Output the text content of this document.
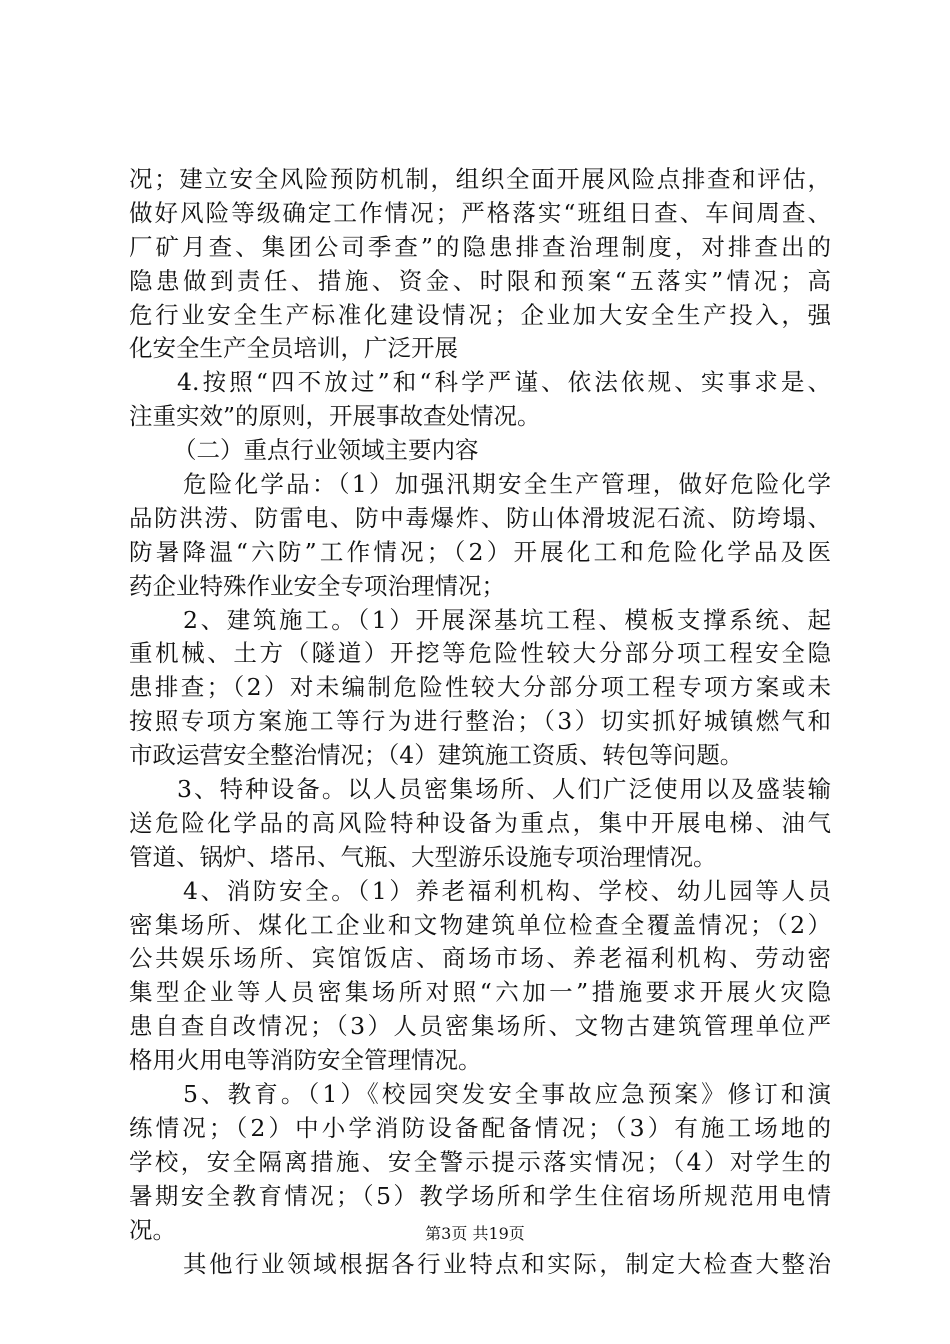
况；建立安全风险预防机制，组织全面开展风险点排查和评估，
做好风险等级确定工作情况；严格落实“班组日查、车间周查、
厂矿月查、集团公司季查”的隐患排查治理制度，对排查出的
隐患做到责任、措施、资金、时限和预案“五落实”情况；高
危行业安全生产标准化建设情况；企业加大安全生产投入，强
化安全生产全员培训，广泛开展
4.按照“四不放过”和“科学严谨、依法依规、实事求是、
注重实效”的原则，开展事故查处情况。
（二）重点行业领域主要内容
危险化学品：（1）加强汛期安全生产管理，做好危险化学
品防洪涝、防雷电、防中毒爆炸、防山体滑坡泥石流、防垮塌、
防暑降温“六防”工作情况；（2）开展化工和危险化学品及医
药企业特殊作业安全专项治理情况；
2、建筑施工。（1）开展深基坑工程、模板支撑系统、起
重机械、土方（隧道）开挖等危险性较大分部分项工程安全隐
患排查；（2）对未编制危险性较大分部分项工程专项方案或未
按照专项方案施工等行为进行整治；（3）切实抓好城镇燃气和
市政运营安全整治情况；（4）建筑施工资质、转包等问题。
3、特种设备。以人员密集场所、人们广泛使用以及盛装输
送危险化学品的高风险特种设备为重点，集中开展电梯、油气
管道、锅炉、塔吊、气瓶、大型游乐设施专项治理情况。
4、消防安全。（1）养老福利机构、学校、幼儿园等人员
密集场所、煤化工企业和文物建筑单位检查全覆盖情况；（2）
公共娱乐场所、宾馆饭店、商场市场、养老福利机构、劳动密
集型企业等人员密集场所对照“六加一”措施要求开展火灾隐
患自查自改情况；（3）人员密集场所、文物古建筑管理单位严
格用火用电等消防安全管理情况。
5、教育。（1）《校园突发安全事故应急预案》修订和演
练情况；（2）中小学消防设备配备情况；（3）有施工场地的
学校，安全隔离措施、安全警示提示落实情况；（4）对学生的
暑期安全教育情况；（5）教学场所和学生住宿场所规范用电情
况。
其他行业领域根据各行业特点和实际，制定大检查大整治
第3页 共19页
